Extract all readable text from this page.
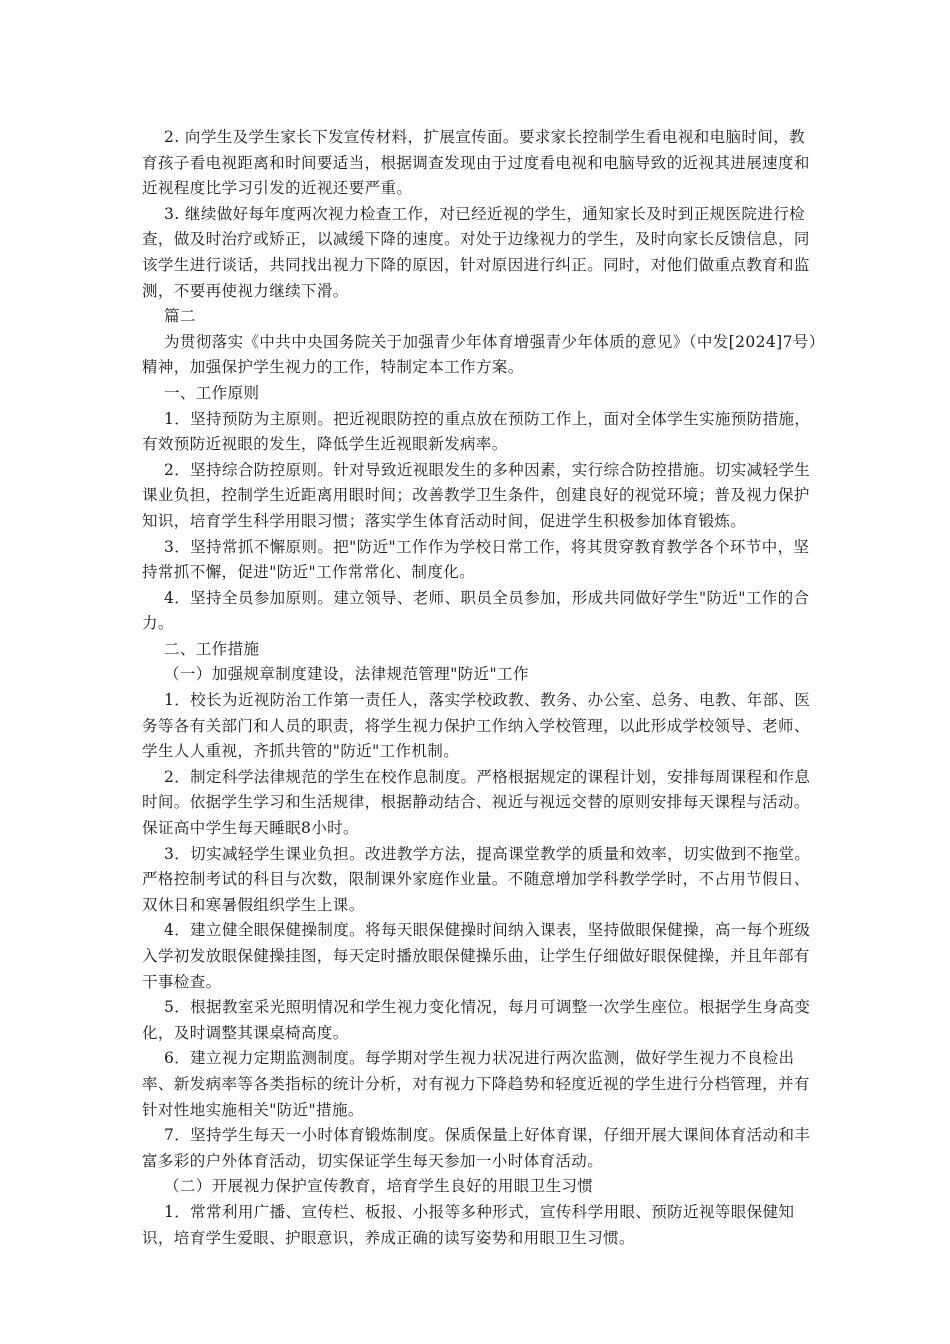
2. 向学生及学生家长下发宣传材料，扩展宣传面。要求家长控制学生看电视和电脑时间，教育孩子看电视距离和时间要适当，根据调查发现由于过度看电视和电脑导致的近视其进展速度和近视程度比学习引发的近视还要严重。

3. 继续做好每年度两次视力检查工作，对已经近视的学生，通知家长及时到正规医院进行检查，做及时治疗或矫正，以减缓下降的速度。对处于边缘视力的学生，及时向家长反馈信息，同该学生进行谈话，共同找出视力下降的原因，针对原因进行纠正。同时，对他们做重点教育和监测，不要再使视力继续下滑。

篇二

为贯彻落实《中共中央国务院关于加强青少年体育增强青少年体质的意见》（中发[2024]7号）精神，加强保护学生视力的工作，特制定本工作方案。

一、工作原则

1．坚持预防为主原则。把近视眼防控的重点放在预防工作上，面对全体学生实施预防措施，有效预防近视眼的发生，降低学生近视眼新发病率。

2．坚持综合防控原则。针对导致近视眼发生的多种因素，实行综合防控措施。切实减轻学生课业负担，控制学生近距离用眼时间；改善教学卫生条件，创建良好的视觉环境；普及视力保护知识，培育学生科学用眼习惯；落实学生体育活动时间，促进学生积极参加体育锻炼。

3．坚持常抓不懈原则。把"防近"工作作为学校日常工作，将其贯穿教育教学各个环节中，坚持常抓不懈，促进"防近"工作常常化、制度化。

4．坚持全员参加原则。建立领导、老师、职员全员参加，形成共同做好学生"防近"工作的合力。

二、工作措施

（一）加强规章制度建设，法律规范管理"防近"工作

1．校长为近视防治工作第一责任人，落实学校政教、教务、办公室、总务、电教、年部、医务等各有关部门和人员的职责，将学生视力保护工作纳入学校管理，以此形成学校领导、老师、学生人人重视，齐抓共管的"防近"工作机制。

2．制定科学法律规范的学生在校作息制度。严格根据规定的课程计划，安排每周课程和作息时间。依据学生学习和生活规律，根据静动结合、视近与视远交替的原则安排每天课程与活动。保证高中学生每天睡眠8小时。

3．切实减轻学生课业负担。改进教学方法，提高课堂教学的质量和效率，切实做到不拖堂。严格控制考试的科目与次数，限制课外家庭作业量。不随意增加学科教学学时，不占用节假日、双休日和寒暑假组织学生上课。

4．建立健全眼保健操制度。将每天眼保健操时间纳入课表，坚持做眼保健操，高一每个班级入学初发放眼保健操挂图，每天定时播放眼保健操乐曲，让学生仔细做好眼保健操，并且年部有干事检查。

5．根据教室采光照明情况和学生视力变化情况，每月可调整一次学生座位。根据学生身高变化，及时调整其课桌椅高度。

6．建立视力定期监测制度。每学期对学生视力状况进行两次监测，做好学生视力不良检出率、新发病率等各类指标的统计分析，对有视力下降趋势和轻度近视的学生进行分档管理，并有针对性地实施相关"防近"措施。

7．坚持学生每天一小时体育锻炼制度。保质保量上好体育课，仔细开展大课间体育活动和丰富多彩的户外体育活动，切实保证学生每天参加一小时体育活动。

（二）开展视力保护宣传教育，培育学生良好的用眼卫生习惯

1．常常利用广播、宣传栏、板报、小报等多种形式，宣传科学用眼、预防近视等眼保健知识，培育学生爱眼、护眼意识，养成正确的读写姿势和用眼卫生习惯。
